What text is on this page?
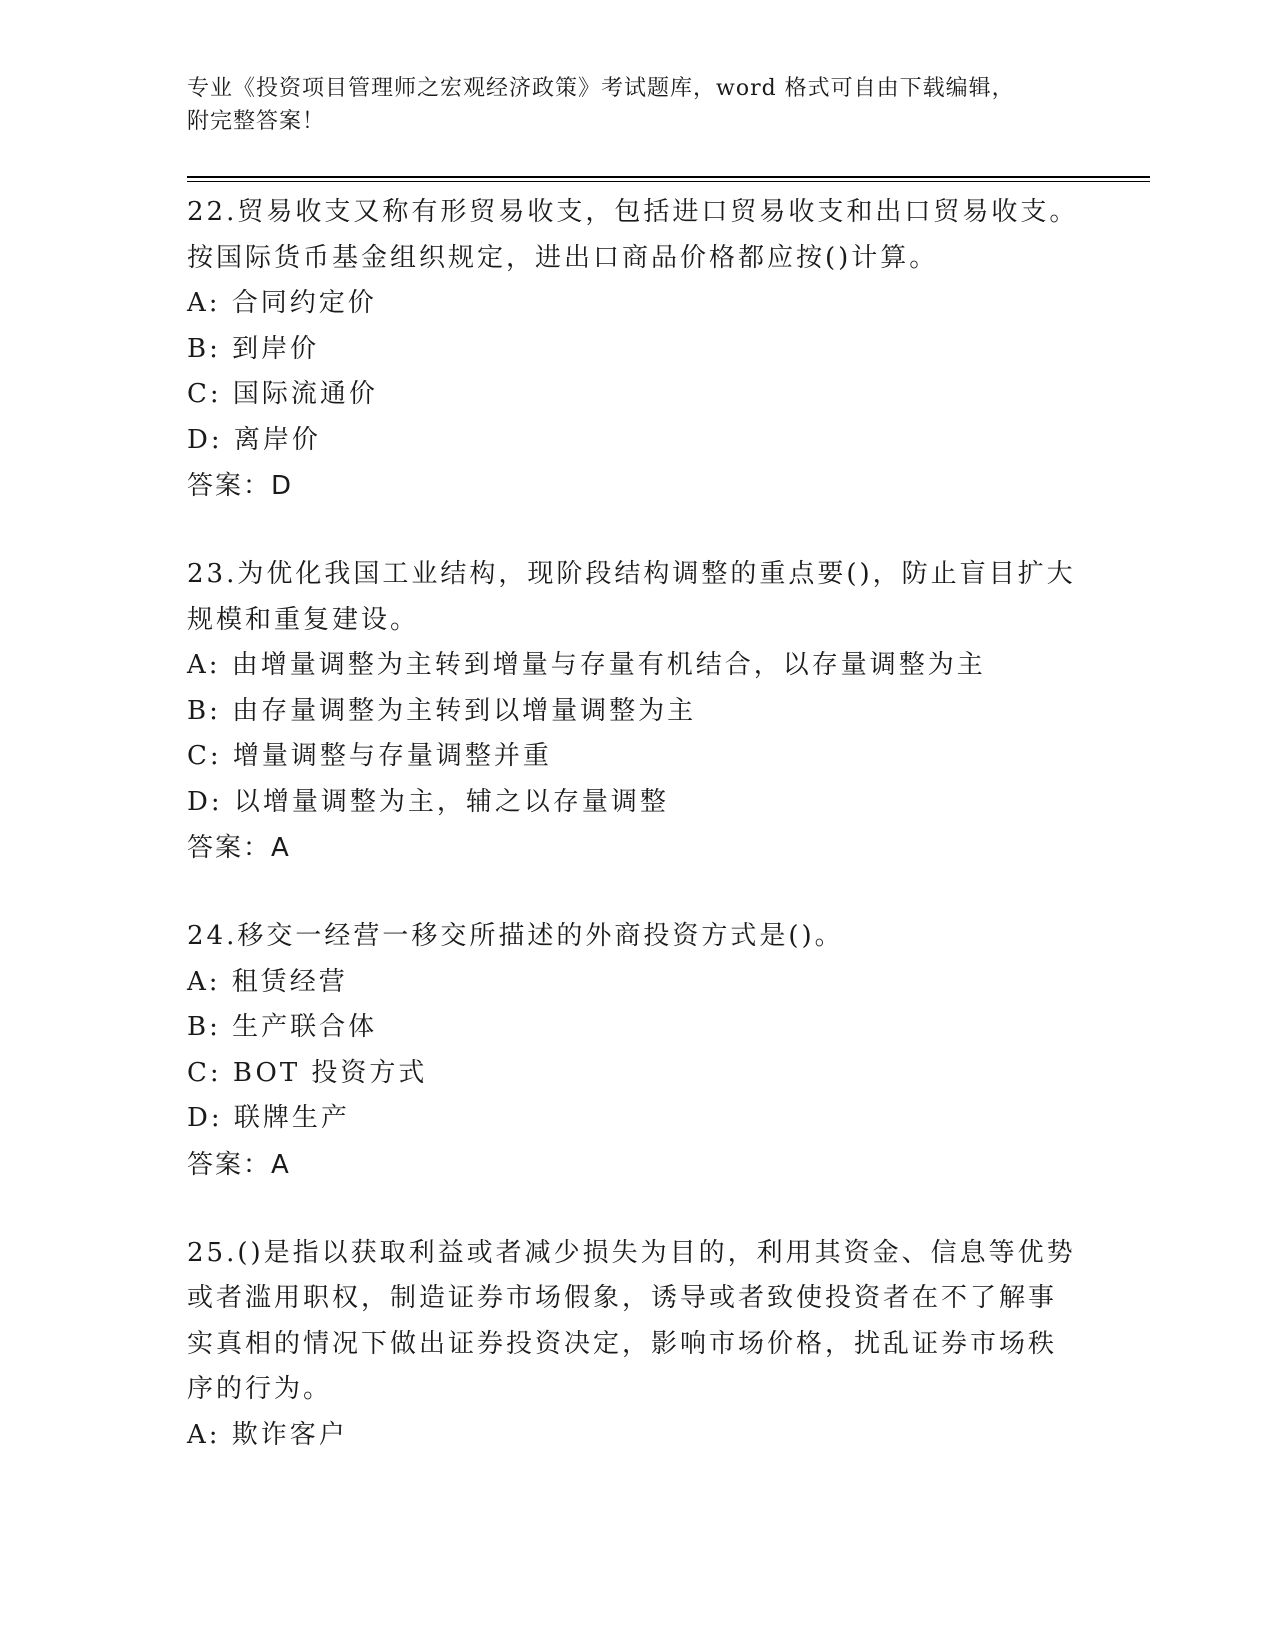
专业《投资项目管理师之宏观经济政策》考试题库，word 格式可自由下载编辑，
附完整答案！
22.贸易收支又称有形贸易收支，包括进口贸易收支和出口贸易收支。
按国际货币基金组织规定，进出口商品价格都应按()计算。
A: 合同约定价
B: 到岸价
C: 国际流通价
D: 离岸价
答案：D
23.为优化我国工业结构，现阶段结构调整的重点要()，防止盲目扩大
规模和重复建设。
A: 由增量调整为主转到增量与存量有机结合，以存量调整为主
B: 由存量调整为主转到以增量调整为主
C: 增量调整与存量调整并重
D: 以增量调整为主，辅之以存量调整
答案：A
24.移交一经营一移交所描述的外商投资方式是()。
A: 租赁经营
B: 生产联合体
C: BOT 投资方式
D: 联牌生产
答案：A
25.()是指以获取利益或者减少损失为目的，利用其资金、信息等优势
或者滥用职权，制造证券市场假象，诱导或者致使投资者在不了解事
实真相的情况下做出证券投资决定，影响市场价格，扰乱证券市场秩
序的行为。
A: 欺诈客户
